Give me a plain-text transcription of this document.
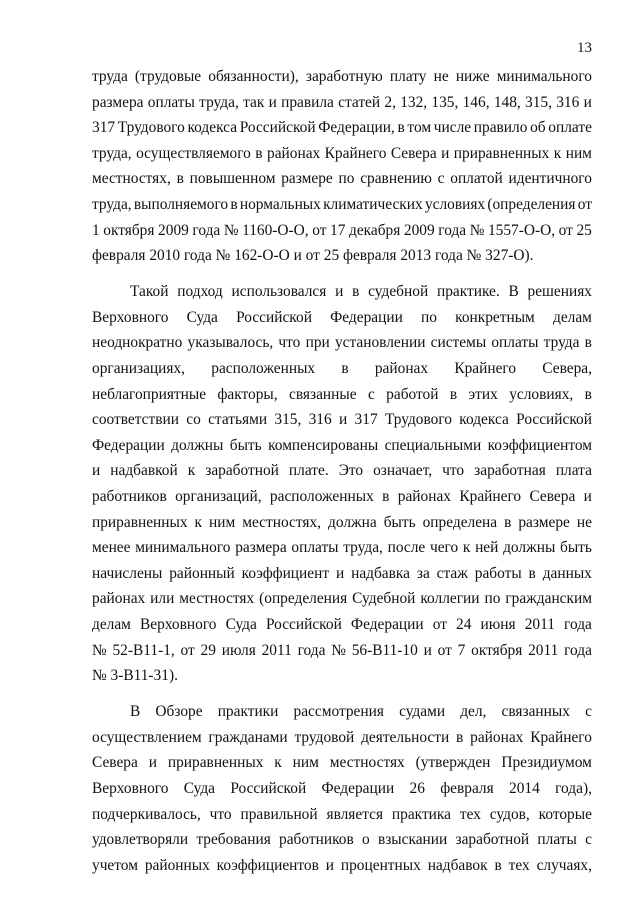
13
труда (трудовые обязанности), заработную плату не ниже минимального
размера оплаты труда, так и правила статей 2, 132, 135, 146, 148, 315, 316 и
317 Трудового кодекса Российской Федерации, в том числе правило об оплате
труда, осуществляемого в районах Крайнего Севера и приравненных к ним
местностях, в повышенном размере по сравнению с оплатой идентичного
труда, выполняемого в нормальных климатических условиях (определения от
1 октября 2009 года № 1160-О-О, от 17 декабря 2009 года № 1557-О-О, от 25
февраля 2010 года № 162-О-О и от 25 февраля 2013 года № 327-О).
Такой подход использовался и в судебной практике. В решениях
Верховного Суда Российской Федерации по конкретным делам
неоднократно указывалось, что при установлении системы оплаты труда в
организациях, расположенных в районах Крайнего Севера,
неблагоприятные факторы, связанные с работой в этих условиях, в
соответствии со статьями 315, 316 и 317 Трудового кодекса Российской
Федерации должны быть компенсированы специальными коэффициентом
и надбавкой к заработной плате. Это означает, что заработная плата
работников организаций, расположенных в районах Крайнего Севера и
приравненных к ним местностях, должна быть определена в размере не
менее минимального размера оплаты труда, после чего к ней должны быть
начислены районный коэффициент и надбавка за стаж работы в данных
районах или местностях (определения Судебной коллегии по гражданским
делам Верховного Суда Российской Федерации от 24 июня 2011 года
№ 52-В11-1, от 29 июля 2011 года № 56-В11-10 и от 7 октября 2011 года
№ 3-В11-31).
В Обзоре практики рассмотрения судами дел, связанных с
осуществлением гражданами трудовой деятельности в районах Крайнего
Севера и приравненных к ним местностях (утвержден Президиумом
Верховного Суда Российской Федерации 26 февраля 2014 года),
подчеркивалось, что правильной является практика тех судов, которые
удовлетворяли требования работников о взыскании заработной платы с
учетом районных коэффициентов и процентных надбавок в тех случаях,
